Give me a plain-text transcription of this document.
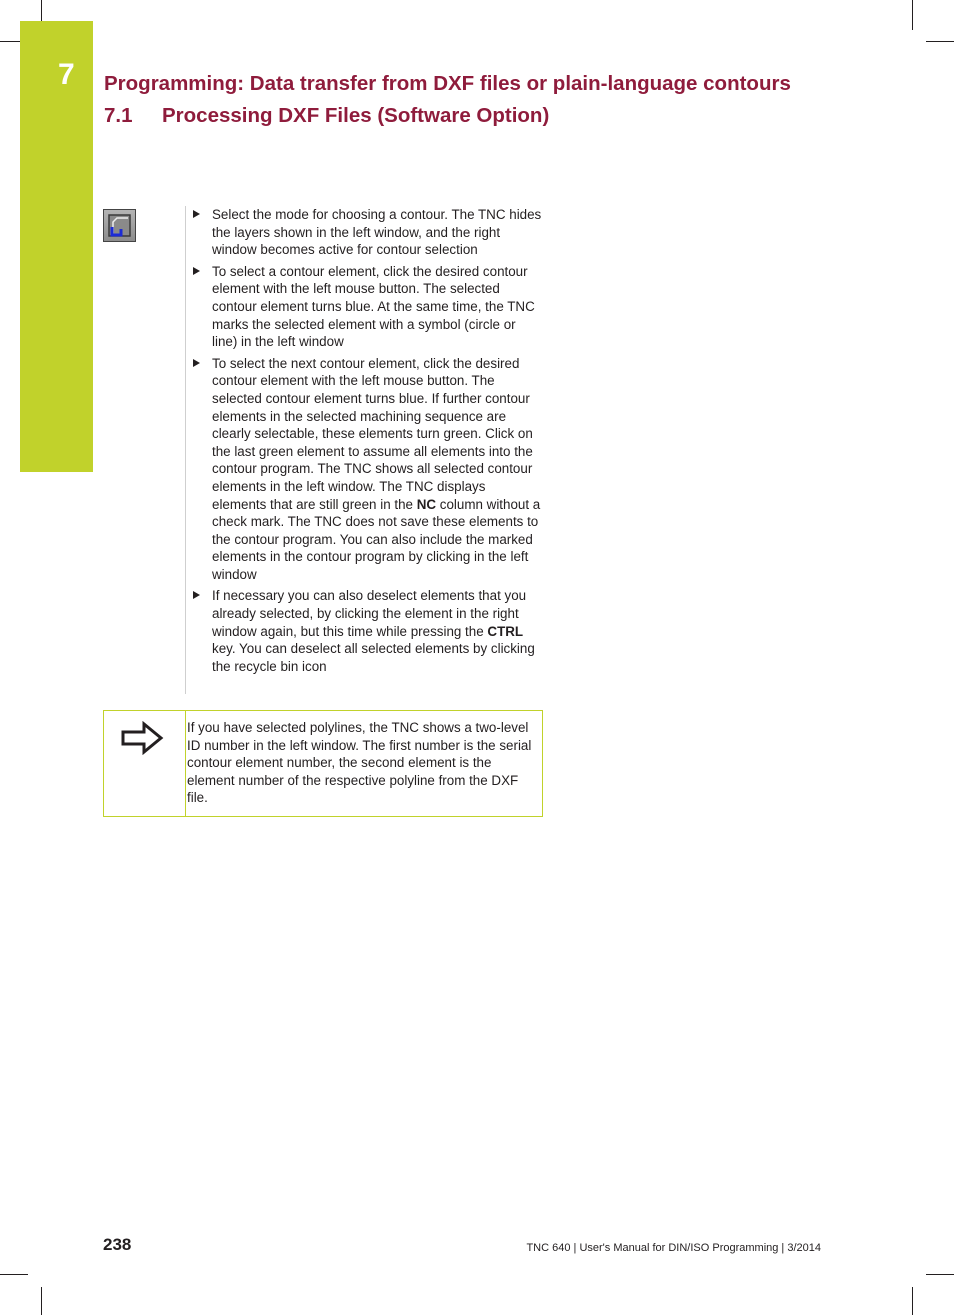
7 Programming: Data transfer from DXF files or plain-language contours
7.1 Processing DXF Files (Software Option)
Select the mode for choosing a contour. The TNC hides the layers shown in the left window, and the right window becomes active for contour selection
To select a contour element, click the desired contour element with the left mouse button. The selected contour element turns blue. At the same time, the TNC marks the selected element with a symbol (circle or line) in the left window
To select the next contour element, click the desired contour element with the left mouse button. The selected contour element turns blue. If further contour elements in the selected machining sequence are clearly selectable, these elements turn green. Click on the last green element to assume all elements into the contour program. The TNC shows all selected contour elements in the left window. The TNC displays elements that are still green in the NC column without a check mark. The TNC does not save these elements to the contour program. You can also include the marked elements in the contour program by clicking in the left window
If necessary you can also deselect elements that you already selected, by clicking the element in the right window again, but this time while pressing the CTRL key. You can deselect all selected elements by clicking the recycle bin icon
If you have selected polylines, the TNC shows a two-level ID number in the left window. The first number is the serial contour element number, the second element is the element number of the respective polyline from the DXF file.
238	TNC 640 | User's Manual for DIN/ISO Programming | 3/2014
